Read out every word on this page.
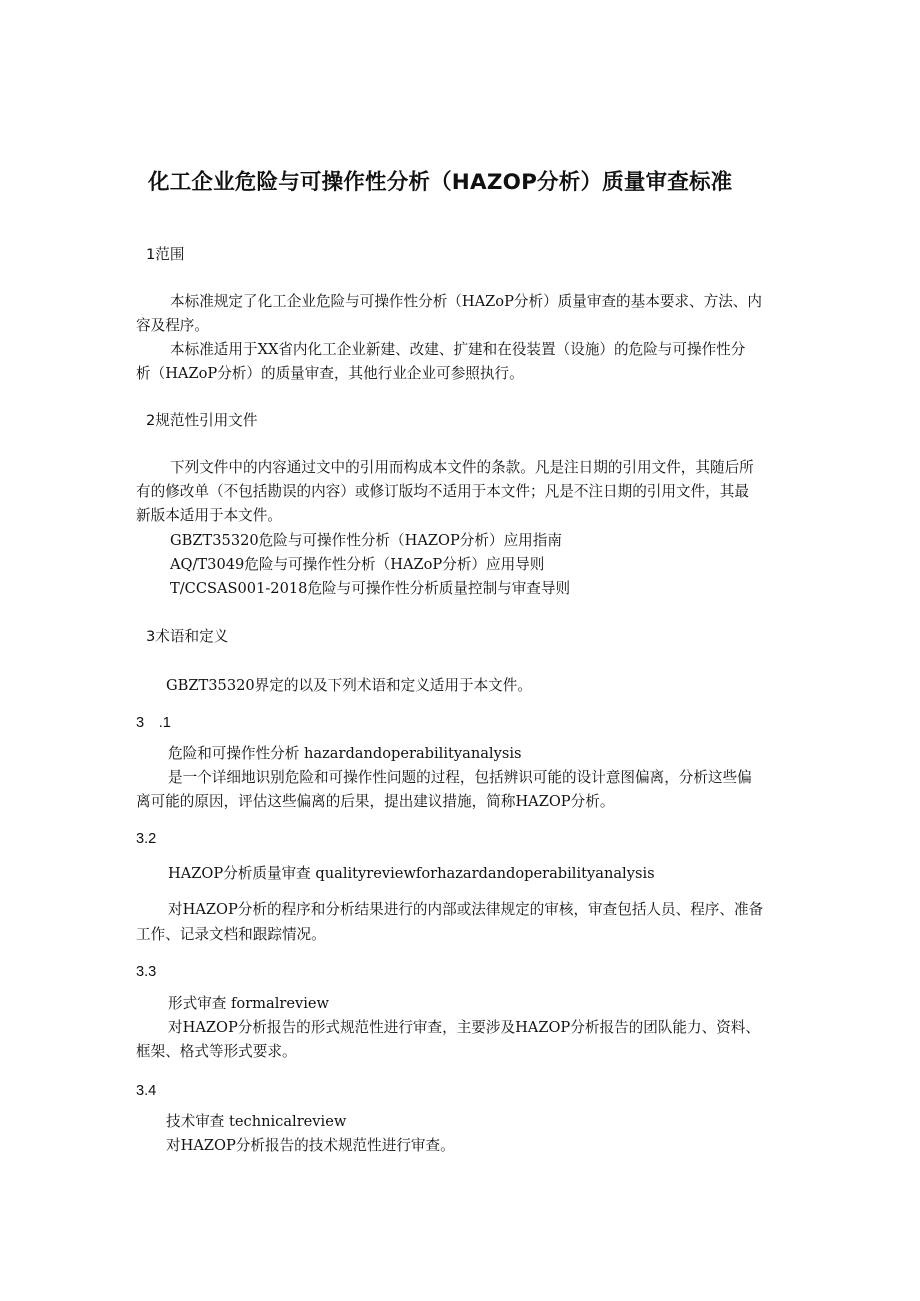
化工企业危险与可操作性分析（HAZOP分析）质量审查标准
1范围
本标准规定了化工企业危险与可操作性分析（HAZoP分析）质量审查的基本要求、方法、内
容及程序。
本标准适用于XX省内化工企业新建、改建、扩建和在役装置（设施）的危险与可操作性分
析（HAZoP分析）的质量审查，其他行业企业可参照执行。
2规范性引用文件
下列文件中的内容通过文中的引用而构成本文件的条款。凡是注日期的引用文件，其随后所
有的修改单（不包括勘误的内容）或修订版均不适用于本文件；凡是不注日期的引用文件，其最
新版本适用于本文件。
GBZT35320危险与可操作性分析（HAZOP分析）应用指南
AQ/T3049危险与可操作性分析（HAZoP分析）应用导则
T/CCSAS001-2018危险与可操作性分析质量控制与审查导则
3术语和定义
GBZT35320界定的以及下列术语和定义适用于本文件。
3　.1
危险和可操作性分析 hazardandoperabilityanalysis
是一个详细地识别危险和可操作性问题的过程，包括辨识可能的设计意图偏离，分析这些偏
离可能的原因，评估这些偏离的后果，提出建议措施，简称HAZOP分析。
3.2
HAZOP分析质量审查 qualityreviewforhazardandoperabilityanalysis
对HAZOP分析的程序和分析结果进行的内部或法律规定的审核，审查包括人员、程序、准备
工作、记录文档和跟踪情况。
3.3
形式审查 formalreview
对HAZOP分析报告的形式规范性进行审查，主要涉及HAZOP分析报告的团队能力、资料、
框架、格式等形式要求。
3.4
技术审查 technicalreview
对HAZOP分析报告的技术规范性进行审查。
